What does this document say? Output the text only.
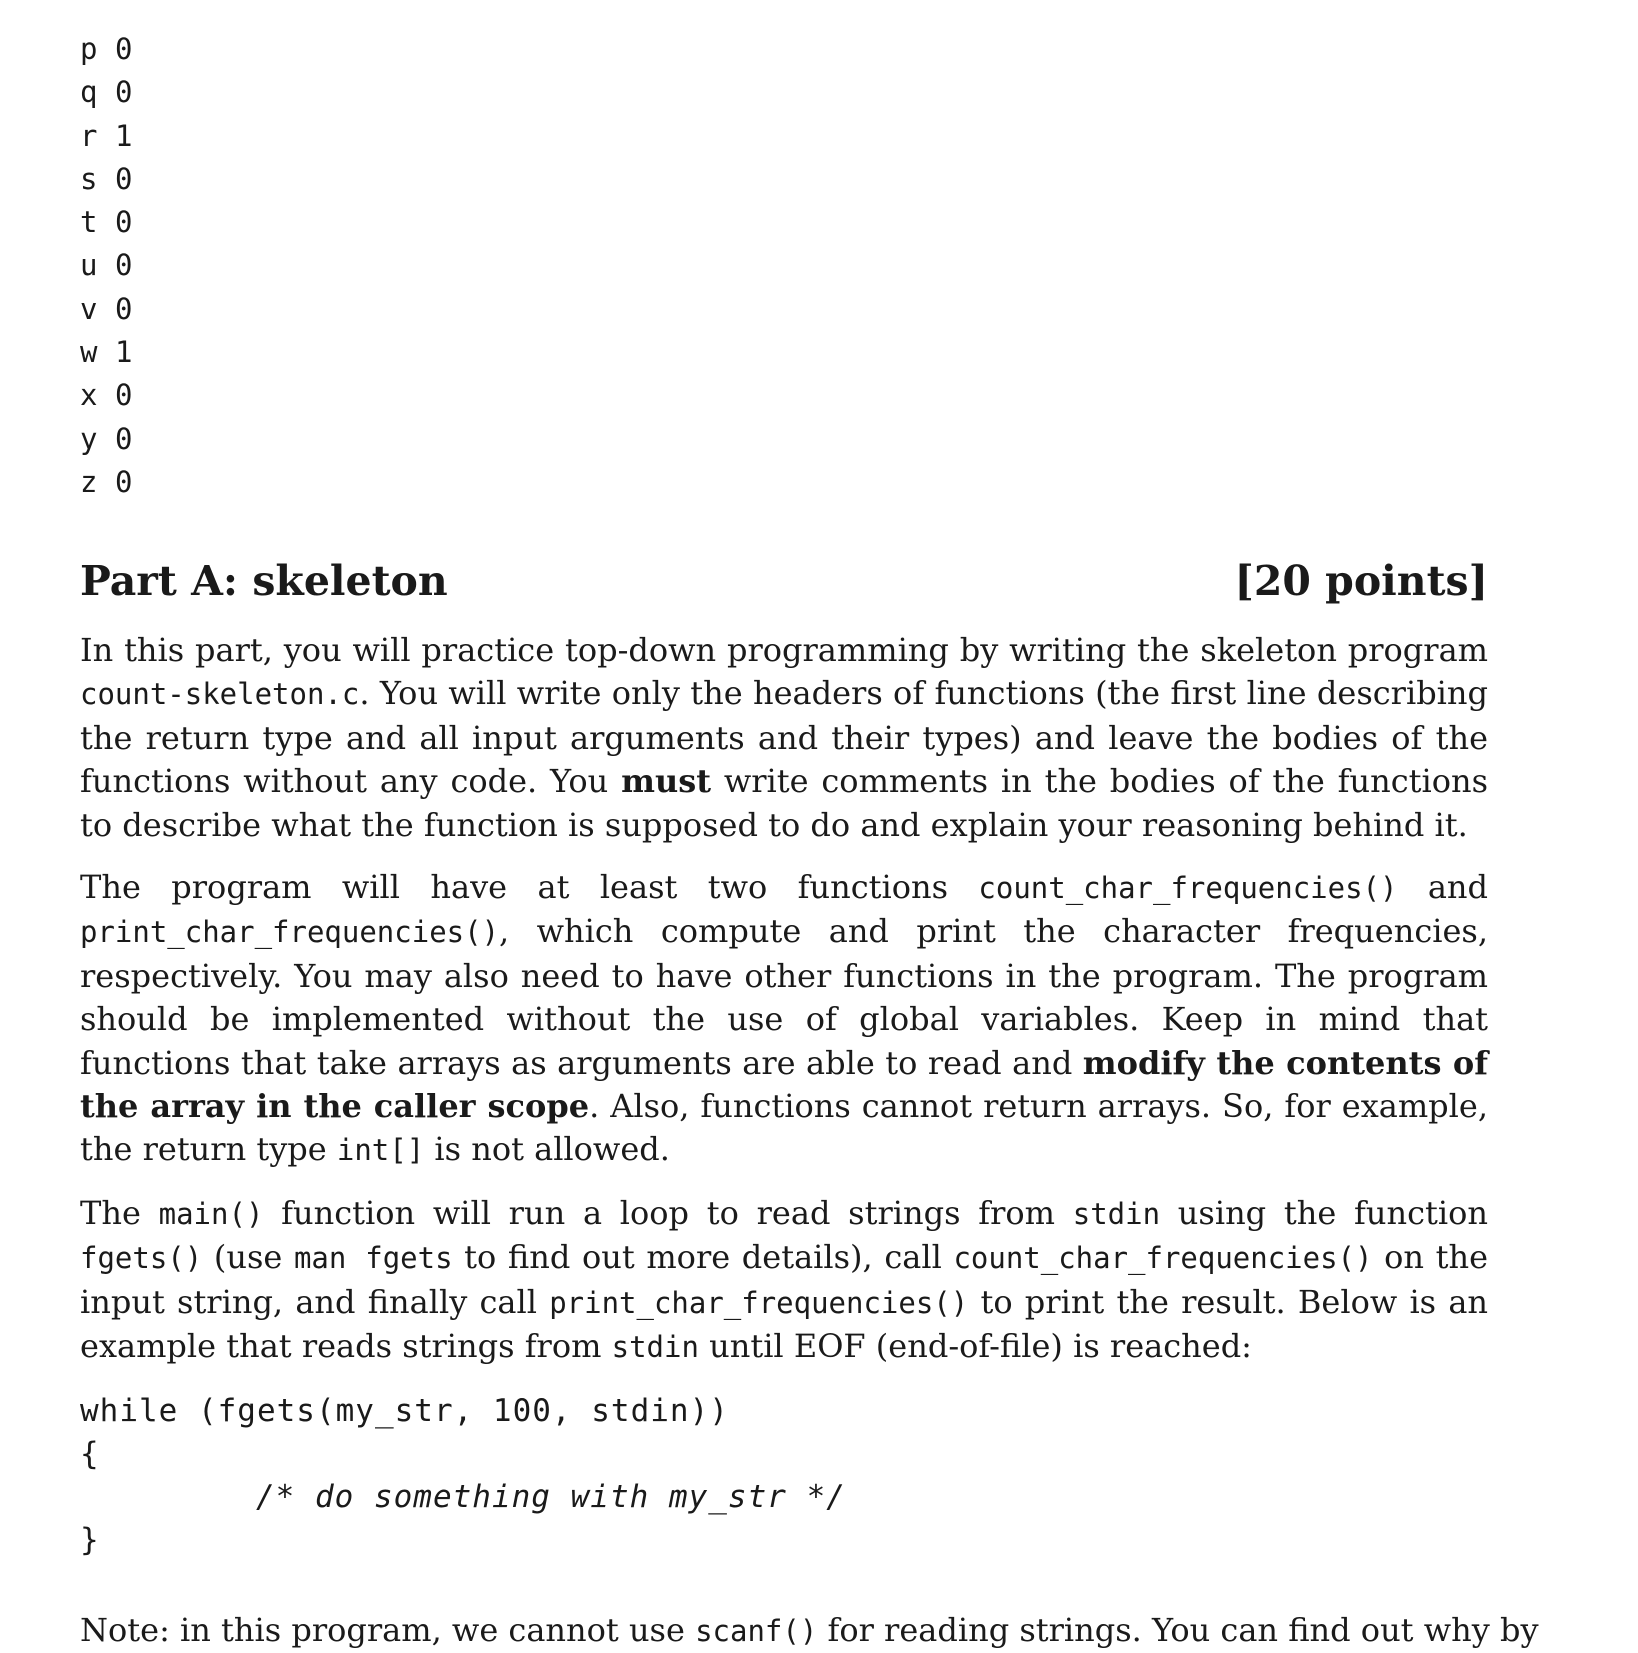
p 0
q 0
r 1
s 0
t 0
u 0
v 0
w 1
x 0
y 0
z 0
Part A: skeleton	[20 points]

In this part, you will practice top-down programming by writing the skeleton program count-skeleton.c. You will write only the headers of functions (the first line describing the return type and all input arguments and their types) and leave the bodies of the functions without any code. You must write comments in the bodies of the functions to describe what the function is supposed to do and explain your reasoning behind it.

The program will have at least two functions count_char_frequencies() and print_char_frequencies(), which compute and print the character frequencies, respectively. You may also need to have other functions in the program. The program should be implemented without the use of global variables. Keep in mind that functions that take arrays as arguments are able to read and modify the contents of the array in the caller scope. Also, functions cannot return arrays. So, for example, the return type int[] is not allowed.

The main() function will run a loop to read strings from stdin using the function fgets() (use man fgets to find out more details), call count_char_frequencies() on the input string, and finally call print_char_frequencies() to print the result. Below is an example that reads strings from stdin until EOF (end-of-file) is reached:

while (fgets(my_str, 100, stdin))
{
/* do something with my_str */
}

Note: in this program, we cannot use scanf() for reading strings. You can find out why by
